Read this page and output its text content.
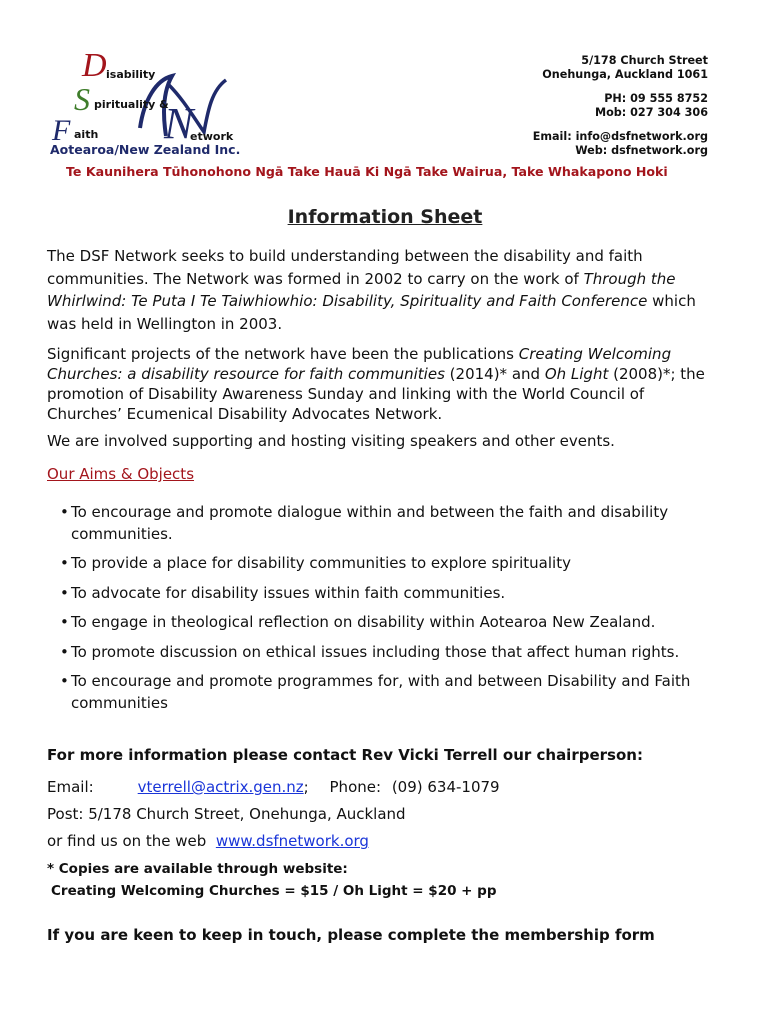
D isability
S pirituality &
F aith N
etwork
Aotearoa/New Zealand Inc.
5/178 Church Street
Onehunga, Auckland 1061
PH: 09 555 8752
Mob: 027 304 306
Email: info@dsfnetwork.org
Web: dsfnetwork.org
Te Kaunihera Tūhonohono Ngā Take Hauā Ki Ngā Take Wairua, Take Whakapono Hoki
Information Sheet

The DSF Network seeks to build understanding between the disability and faith communities. The Network was formed in 2002 to carry on the work of Through the Whirlwind: Te Puta I Te Taiwhiowhio: Disability, Spirituality and Faith Conference which was held in Wellington in 2003.

Significant projects of the network have been the publications Creating Welcoming Churches: a disability resource for faith communities (2014)* and Oh Light (2008)*; the promotion of Disability Awareness Sunday and linking with the World Council of Churches’ Ecumenical Disability Advocates Network.

We are involved supporting and hosting visiting speakers and other events.

Our Aims & Objects
• To encourage and promote dialogue within and between the faith and disability communities.
• To provide a place for disability communities to explore spirituality
• To advocate for disability issues within faith communities.
• To engage in theological reflection on disability within Aotearoa New Zealand.
• To promote discussion on ethical issues including those that affect human rights.
• To encourage and promote programmes for, with and between Disability and Faith communities
For more information please contact Rev Vicki Terrell our chairperson:
Email:	vterrell@actrix.gen.nz; Phone: (09) 634-1079
Post: 5/178 Church Street, Onehunga, Auckland
or find us on the web www.dsfnetwork.org
* Copies are available through website:
Creating Welcoming Churches = $15 / Oh Light = $20 + pp
If you are keen to keep in touch, please complete the membership form
